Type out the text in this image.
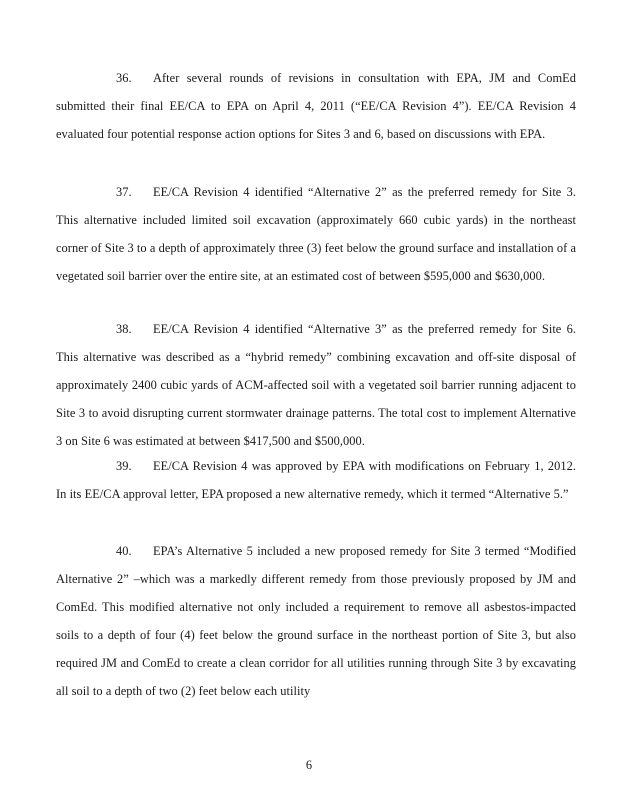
36. After several rounds of revisions in consultation with EPA, JM and ComEd submitted their final EE/CA to EPA on April 4, 2011 (“EE/CA Revision 4”). EE/CA Revision 4 evaluated four potential response action options for Sites 3 and 6, based on discussions with EPA.

37. EE/CA Revision 4 identified “Alternative 2” as the preferred remedy for Site 3. This alternative included limited soil excavation (approximately 660 cubic yards) in the northeast corner of Site 3 to a depth of approximately three (3) feet below the ground surface and installation of a vegetated soil barrier over the entire site, at an estimated cost of between $595,000 and $630,000.

38. EE/CA Revision 4 identified “Alternative 3” as the preferred remedy for Site 6. This alternative was described as a “hybrid remedy” combining excavation and off-site disposal of approximately 2400 cubic yards of ACM-affected soil with a vegetated soil barrier running adjacent to Site 3 to avoid disrupting current stormwater drainage patterns. The total cost to implement Alternative 3 on Site 6 was estimated at between $417,500 and $500,000.

39. EE/CA Revision 4 was approved by EPA with modifications on February 1, 2012. In its EE/CA approval letter, EPA proposed a new alternative remedy, which it termed “Alternative 5.”

40. EPA’s Alternative 5 included a new proposed remedy for Site 3 termed “Modified Alternative 2” –which was a markedly different remedy from those previously proposed by JM and ComEd. This modified alternative not only included a requirement to remove all asbestos-impacted soils to a depth of four (4) feet below the ground surface in the northeast portion of Site 3, but also required JM and ComEd to create a clean corridor for all utilities running through Site 3 by excavating all soil to a depth of two (2) feet below each utility

6
